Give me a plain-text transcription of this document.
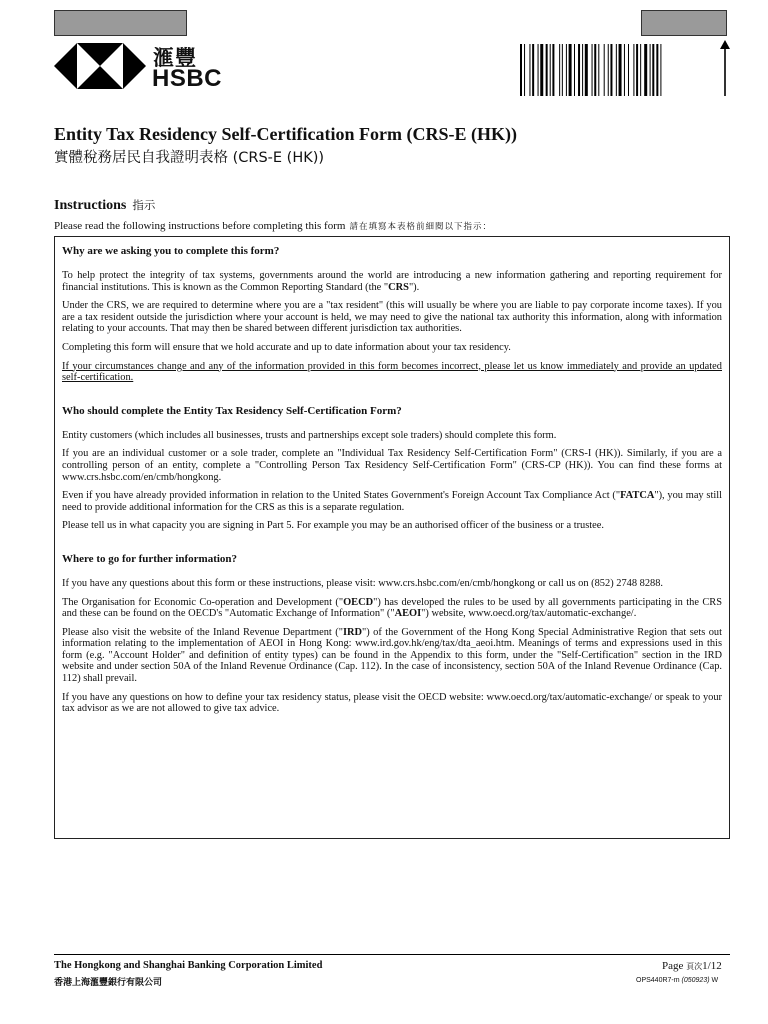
滙豐
HSBC
Entity Tax Residency Self-Certification Form (CRS-E (HK))
實體稅務居民自我證明表格 (CRS-E (HK))
Instructions 指示
Please read the following instructions before completing this form 請在填寫本表格前細閱以下指示：
Why are we asking you to complete this form?

To help protect the integrity of tax systems, governments around the world are introducing a new information gathering and reporting requirement for financial institutions. This is known as the Common Reporting Standard (the "CRS").

Under the CRS, we are required to determine where you are a "tax resident" (this will usually be where you are liable to pay corporate income taxes). If you are a tax resident outside the jurisdiction where your account is held, we may need to give the national tax authority this information, along with information relating to your accounts. That may then be shared between different jurisdiction tax authorities.

Completing this form will ensure that we hold accurate and up to date information about your tax residency.

If your circumstances change and any of the information provided in this form becomes incorrect, please let us know immediately and provide an updated self-certification.

Who should complete the Entity Tax Residency Self-Certification Form?

Entity customers (which includes all businesses, trusts and partnerships except sole traders) should complete this form.

If you are an individual customer or a sole trader, complete an "Individual Tax Residency Self-Certification Form" (CRS-I (HK)). Similarly, if you are a controlling person of an entity, complete a "Controlling Person Tax Residency Self-Certification Form" (CRS-CP (HK)). You can find these forms at www.crs.hsbc.com/en/cmb/hongkong.

Even if you have already provided information in relation to the United States Government's Foreign Account Tax Compliance Act ("FATCA"), you may still need to provide additional information for the CRS as this is a separate regulation.

Please tell us in what capacity you are signing in Part 5. For example you may be an authorised officer of the business or a trustee.

Where to go for further information?

If you have any questions about this form or these instructions, please visit: www.crs.hsbc.com/en/cmb/hongkong or call us on (852) 2748 8288.

The Organisation for Economic Co-operation and Development ("OECD") has developed the rules to be used by all governments participating in the CRS and these can be found on the OECD's "Automatic Exchange of Information" ("AEOI") website, www.oecd.org/tax/automatic-exchange/.

Please also visit the website of the Inland Revenue Department ("IRD") of the Government of the Hong Kong Special Administrative Region that sets out information relating to the implementation of AEOI in Hong Kong: www.ird.gov.hk/eng/tax/dta_aeoi.htm. Meanings of terms and expressions used in this form (e.g. "Account Holder" and definition of entity types) can be found in the Appendix to this form, under the "Self-Certification" section in the IRD website and under section 50A of the Inland Revenue Ordinance (Cap. 112). In the case of inconsistency, section 50A of the Inland Revenue Ordinance (Cap. 112) shall prevail.

If you have any questions on how to define your tax residency status, please visit the OECD website: www.oecd.org/tax/automatic-exchange/ or speak to your tax advisor as we are not allowed to give tax advice.

The Hongkong and Shanghai Banking Corporation Limited
香港上海滙豐銀行有限公司
Page 頁次1/12
OPS440R7-m (050923) W
